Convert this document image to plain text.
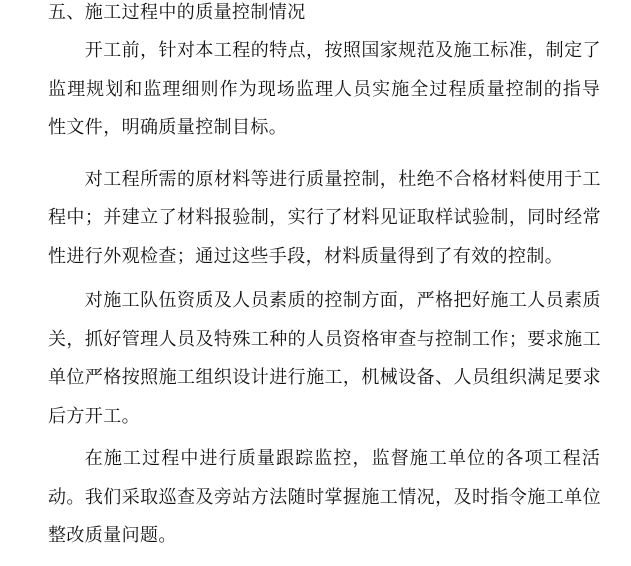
五、施工过程中的质量控制情况
开工前，针对本工程的特点，按照国家规范及施工标准，制定了
监理规划和监理细则作为现场监理人员实施全过程质量控制的指导
性文件，明确质量控制目标。
对工程所需的原材料等进行质量控制，杜绝不合格材料使用于工
程中；并建立了材料报验制，实行了材料见证取样试验制，同时经常
性进行外观检查；通过这些手段，材料质量得到了有效的控制。
对施工队伍资质及人员素质的控制方面，严格把好施工人员素质
关，抓好管理人员及特殊工种的人员资格审查与控制工作；要求施工
单位严格按照施工组织设计进行施工，机械设备、人员组织满足要求
后方开工。
在施工过程中进行质量跟踪监控，监督施工单位的各项工程活
动。我们采取巡查及旁站方法随时掌握施工情况，及时指令施工单位
整改质量问题。
